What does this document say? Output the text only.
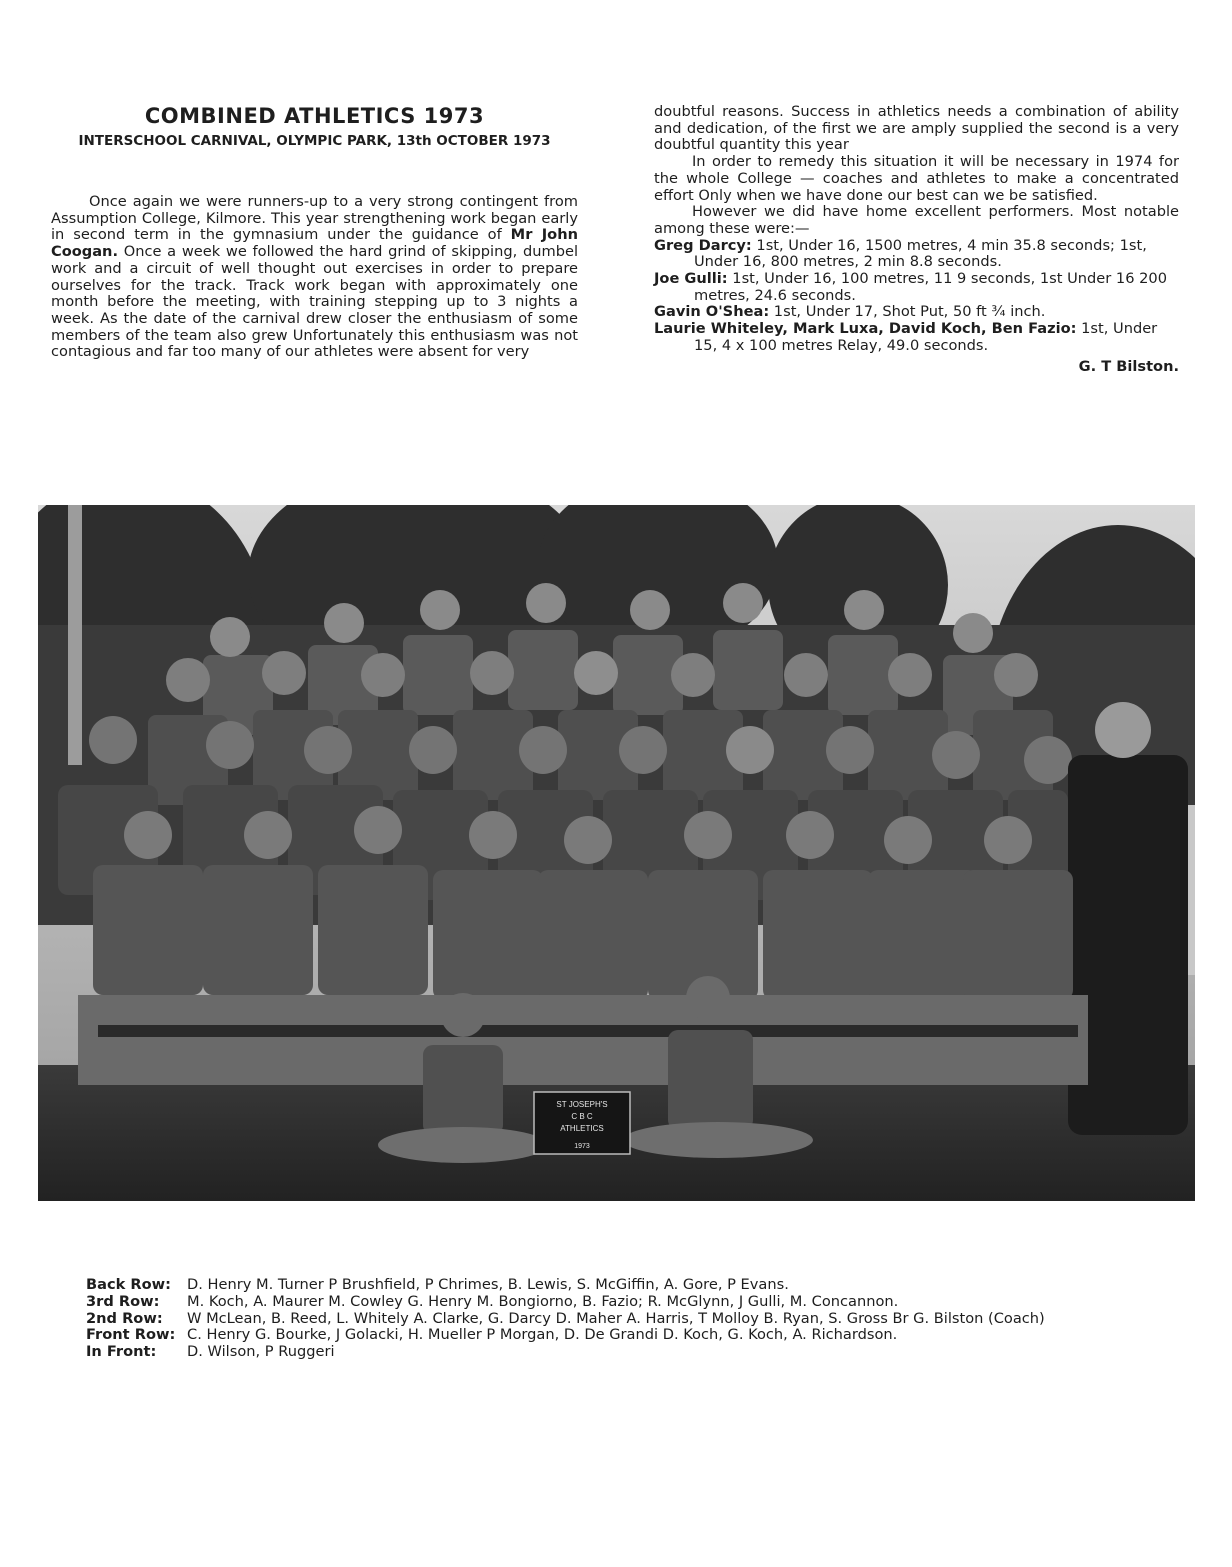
COMBINED ATHLETICS 1973
INTERSCHOOL CARNIVAL, OLYMPIC PARK, 13th OCTOBER 1973

Once again we were runners-up to a very strong contingent from Assumption College, Kilmore. This year strengthening work began early in second term in the gymnasium under the guidance of Mr John Coogan. Once a week we followed the hard grind of skipping, dumbel work and a circuit of well thought out exercises in order to prepare ourselves for the track. Track work began with approximately one month before the meeting, with training stepping up to 3 nights a week. As the date of the carnival drew closer the enthusiasm of some members of the team also grew Unfortunately this enthusiasm was not contagious and far too many of our athletes were absent for very

doubtful reasons. Success in athletics needs a combination of ability and dedication, of the first we are amply supplied the second is a very doubtful quantity this year

In order to remedy this situation it will be necessary in 1974 for the whole College — coaches and athletes to make a concentrated effort Only when we have done our best can we be satisfied.

However we did have home excellent performers. Most notable among these were:—

Greg Darcy: 1st, Under 16, 1500 metres, 4 min 35.8 seconds; 1st, Under 16, 800 metres, 2 min 8.8 seconds.

Joe Gulli: 1st, Under 16, 100 metres, 11 9 seconds, 1st Under 16 200 metres, 24.6 seconds.

Gavin O'Shea: 1st, Under 17, Shot Put, 50 ft ¾ inch.

Laurie Whiteley, Mark Luxa, David Koch, Ben Fazio: 1st, Under 15, 4 x 100 metres Relay, 49.0 seconds.

G. T Bilston.

ST JOSEPH'S
C B C
ATHLETICS
1973
Back Row:	D. Henry M. Turner P Brushfield, P Chrimes, B. Lewis, S. McGiffin, A. Gore, P Evans.
3rd Row:	M. Koch, A. Maurer M. Cowley G. Henry M. Bongiorno, B. Fazio; R. McGlynn, J Gulli, M. Concannon.
2nd Row:	W McLean, B. Reed, L. Whitely A. Clarke, G. Darcy D. Maher A. Harris, T Molloy B. Ryan, S. Gross Br G. Bilston (Coach)
Front Row: C. Henry G. Bourke, J Golacki, H. Mueller P Morgan, D. De Grandi D. Koch, G. Koch, A. Richardson.
In Front:	D. Wilson, P Ruggeri
